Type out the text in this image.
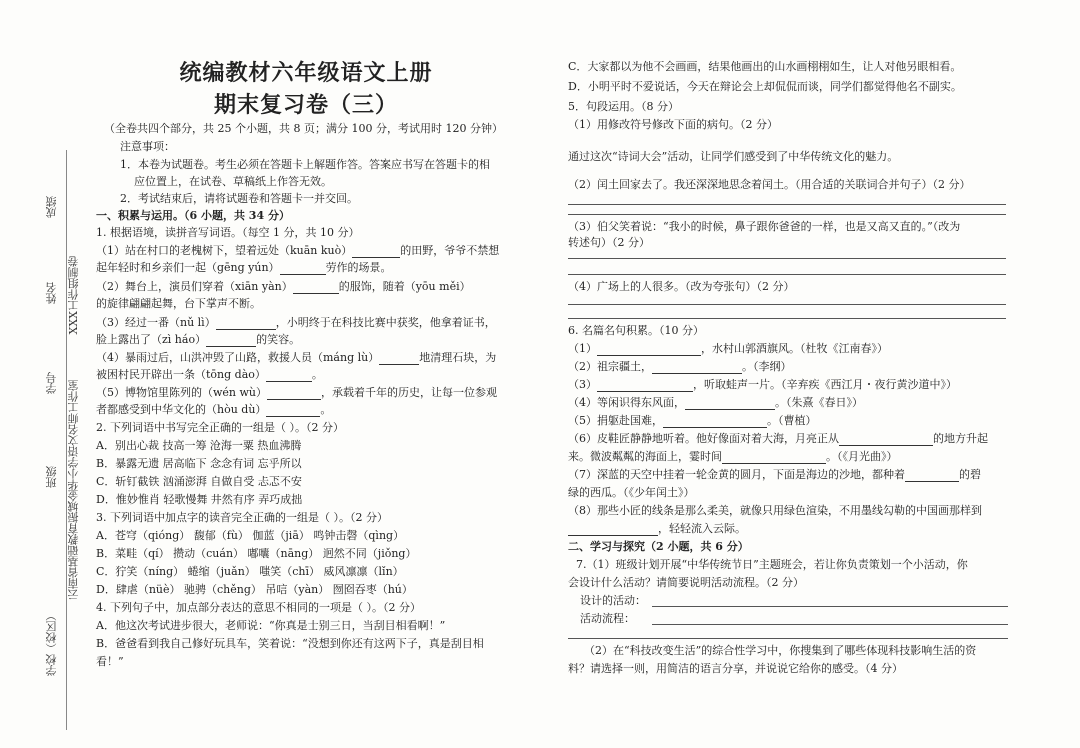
成绩
姓名 XXX工作组制卷
学号 云南省基础教育振城金华小学语文名师工作室
班级
学校（校区）
统编教材六年级语文上册
期末复习卷（三）
（全卷共四个部分，共 25 个小题，共 8 页；满分 100 分，考试用时 120 分钟）
注意事项：
1．本卷为试题卷。考生必须在答题卡上解题作答。答案应书写在答题卡的相
应位置上，在试卷、草稿纸上作答无效。
2．考试结束后，请将试题卷和答题卡一并交回。
一、积累与运用。（6 小题，共 34 分）
1. 根据语境，读拼音写词语。（每空 1 分，共 10 分）
（1）站在村口的老槐树下，望着远处（kuān kuò）	的田野，爷爷不禁想
起年轻时和乡亲们一起（gēng yún）	劳作的场景。
（2）舞台上，演员们穿着（xiān yàn）	的服饰，随着（yōu měi）
的旋律翩翩起舞，台下掌声不断。
（3）经过一番（nǔ lì）	，小明终于在科技比赛中获奖，他拿着证书，
脸上露出了（zì háo）	的笑容。
（4）暴雨过后，山洪冲毁了山路，救援人员（máng lù）	地清理石块，为
被困村民开辟出一条（tōng dào）	。
（5）博物馆里陈列的（wén wù）	，承载着千年的历史，让每一位参观
者都感受到中华文化的（hòu dù）	。
2. 下列词语中书写完全正确的一组是（ ）。（2 分）
A．别出心裁 技高一筹 沧海一粟 热血沸腾
B．暴露无遗 居高临下 念念有词 忘乎所以
C．斩钉截铁 汹涌澎湃 自做自受 忐忑不安
D．惟妙惟肖 轻歌慢舞 井然有序 弄巧成拙
3. 下列词语中加点字的读音完全正确的一组是（ ）。（2 分）
A．苍穹（qióng） 馥郁（fù） 伽蓝（jiā） 鸣钟击磬（qìng）
B．菜畦（qí） 攒动（cuán） 嘟囔（nāng） 迥然不同（jiǒng）
C．狞笑（níng） 蜷缩（juǎn） 嗤笑（chī） 威风凛凛（lǐn）
D．肆虐（nüè） 驰骋（chěng） 吊唁（yàn） 囫囵吞枣（hú）
4. 下列句子中，加点部分表达的意思不相同的一项是（ ）。（2 分）
A．他这次考试进步很大，老师说：“你真是士别三日，当刮目相看啊！”
B．爸爸看到我自己修好玩具车，笑着说：“没想到你还有这两下子，真是刮目相
看！”
C．大家都以为他不会画画，结果他画出的山水画栩栩如生，让人对他另眼相看。
D．小明平时不爱说话，今天在辩论会上却侃侃而谈，同学们都觉得他名不副实。
5．句段运用。（8 分）
（1）用修改符号修改下面的病句。（2 分）
通过这次“诗词大会”活动，让同学们感受到了中华传统文化的魅力。
（2）闰土回家去了。我还深深地思念着闰土。（用合适的关联词合并句子）（2 分）
（3）伯父笑着说：“我小的时候，鼻子跟你爸爸的一样，也是又高又直的。”（改为
转述句）（2 分）
（4）广场上的人很多。（改为夸张句）（2 分）
6. 名篇名句积累。（10 分）
（1）	，水村山郭酒旗风。（杜牧《江南春》）
（2）祖宗疆土，	。（李纲）
（3）	，听取蛙声一片。（辛弃疾《西江月・夜行黄沙道中》）
（4）等闲识得东风面，	。（朱熹《春日》）
（5）捐躯赴国难，	。（曹植）
（6）皮鞋匠静静地听着。他好像面对着大海，月亮正从	的地方升起
来。微波粼粼的海面上，霎时间	。（《月光曲》）
（7）深蓝的天空中挂着一轮金黄的圆月，下面是海边的沙地，都种着	的碧
绿的西瓜。（《少年闰土》）
（8）那些小匠的线条是那么柔美，就像只用绿色渲染，不用墨线勾勒的中国画那样到
，轻轻流入云际。
二、学习与探究（2 小题，共 6 分）
7.（1）班级计划开展“中华传统节日”主题班会，若让你负责策划一个小活动，你
会设计什么活动？请简要说明活动流程。（2 分）
设计的活动：
活动流程：
（2）在“科技改变生活”的综合性学习中，你搜集到了哪些体现科技影响生活的资
料？请选择一则，用简洁的语言分享，并说说它给你的感受。（4 分）
